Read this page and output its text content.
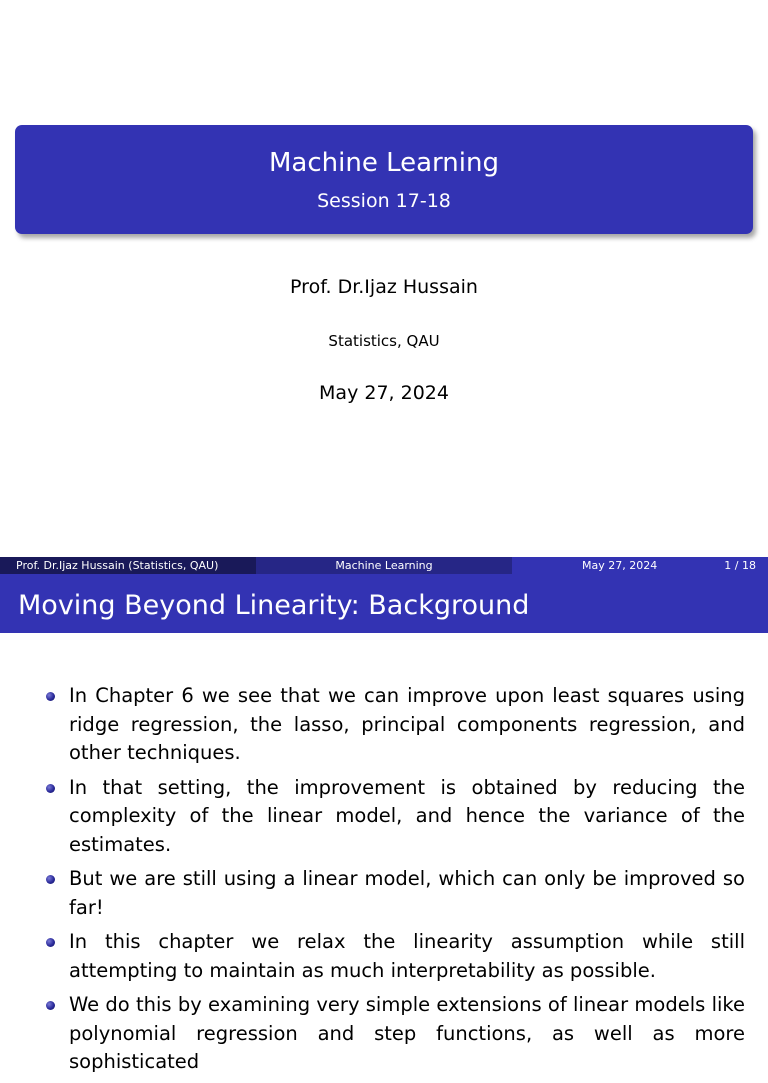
Machine Learning
Session 17-18
Prof. Dr.Ijaz Hussain
Statistics, QAU
May 27, 2024
Prof. Dr.Ijaz Hussain (Statistics, QAU)	Machine Learning	May 27, 2024	1 / 18
Moving Beyond Linearity: Background
In Chapter 6 we see that we can improve upon least squares using ridge regression, the lasso, principal components regression, and other techniques.
In that setting, the improvement is obtained by reducing the complexity of the linear model, and hence the variance of the estimates.
But we are still using a linear model, which can only be improved so far!
In this chapter we relax the linearity assumption while still attempting to maintain as much interpretability as possible.
We do this by examining very simple extensions of linear models like polynomial regression and step functions, as well as more sophisticated
